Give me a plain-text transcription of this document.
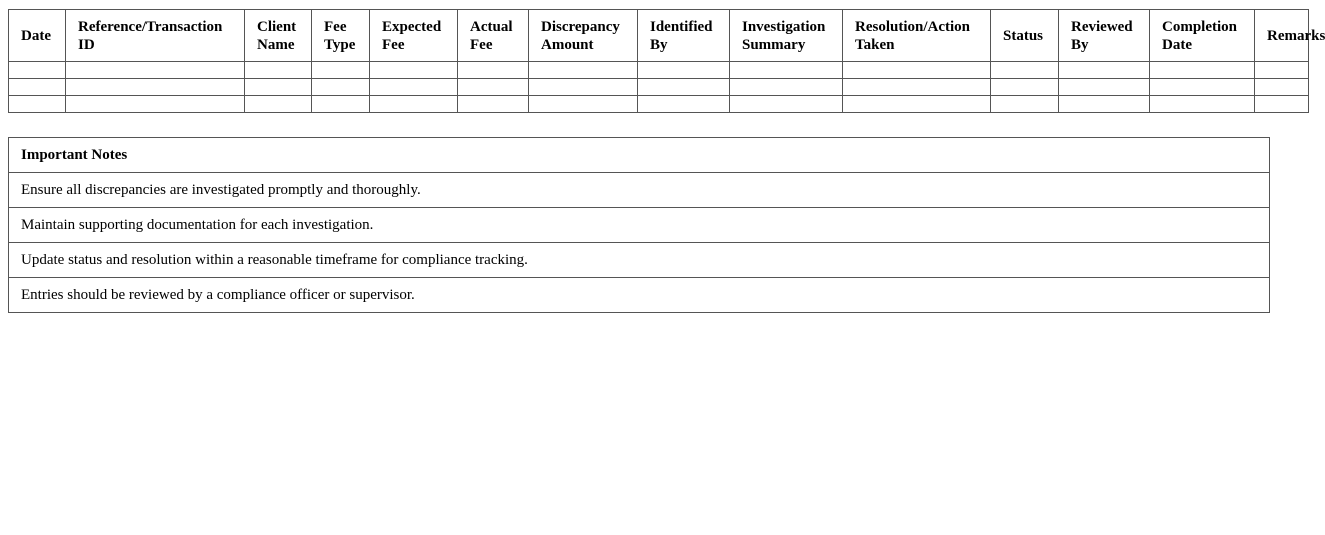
Date	Reference/Transaction ID	Client Name	Fee Type	Expected Fee	Actual Fee	Discrepancy Amount	Identified By	Investigation Summary	Resolution/Action Taken	Status	Reviewed By	Completion Date	Remarks

Important Notes
Ensure all discrepancies are investigated promptly and thoroughly.
Maintain supporting documentation for each investigation.
Update status and resolution within a reasonable timeframe for compliance tracking.
Entries should be reviewed by a compliance officer or supervisor.
